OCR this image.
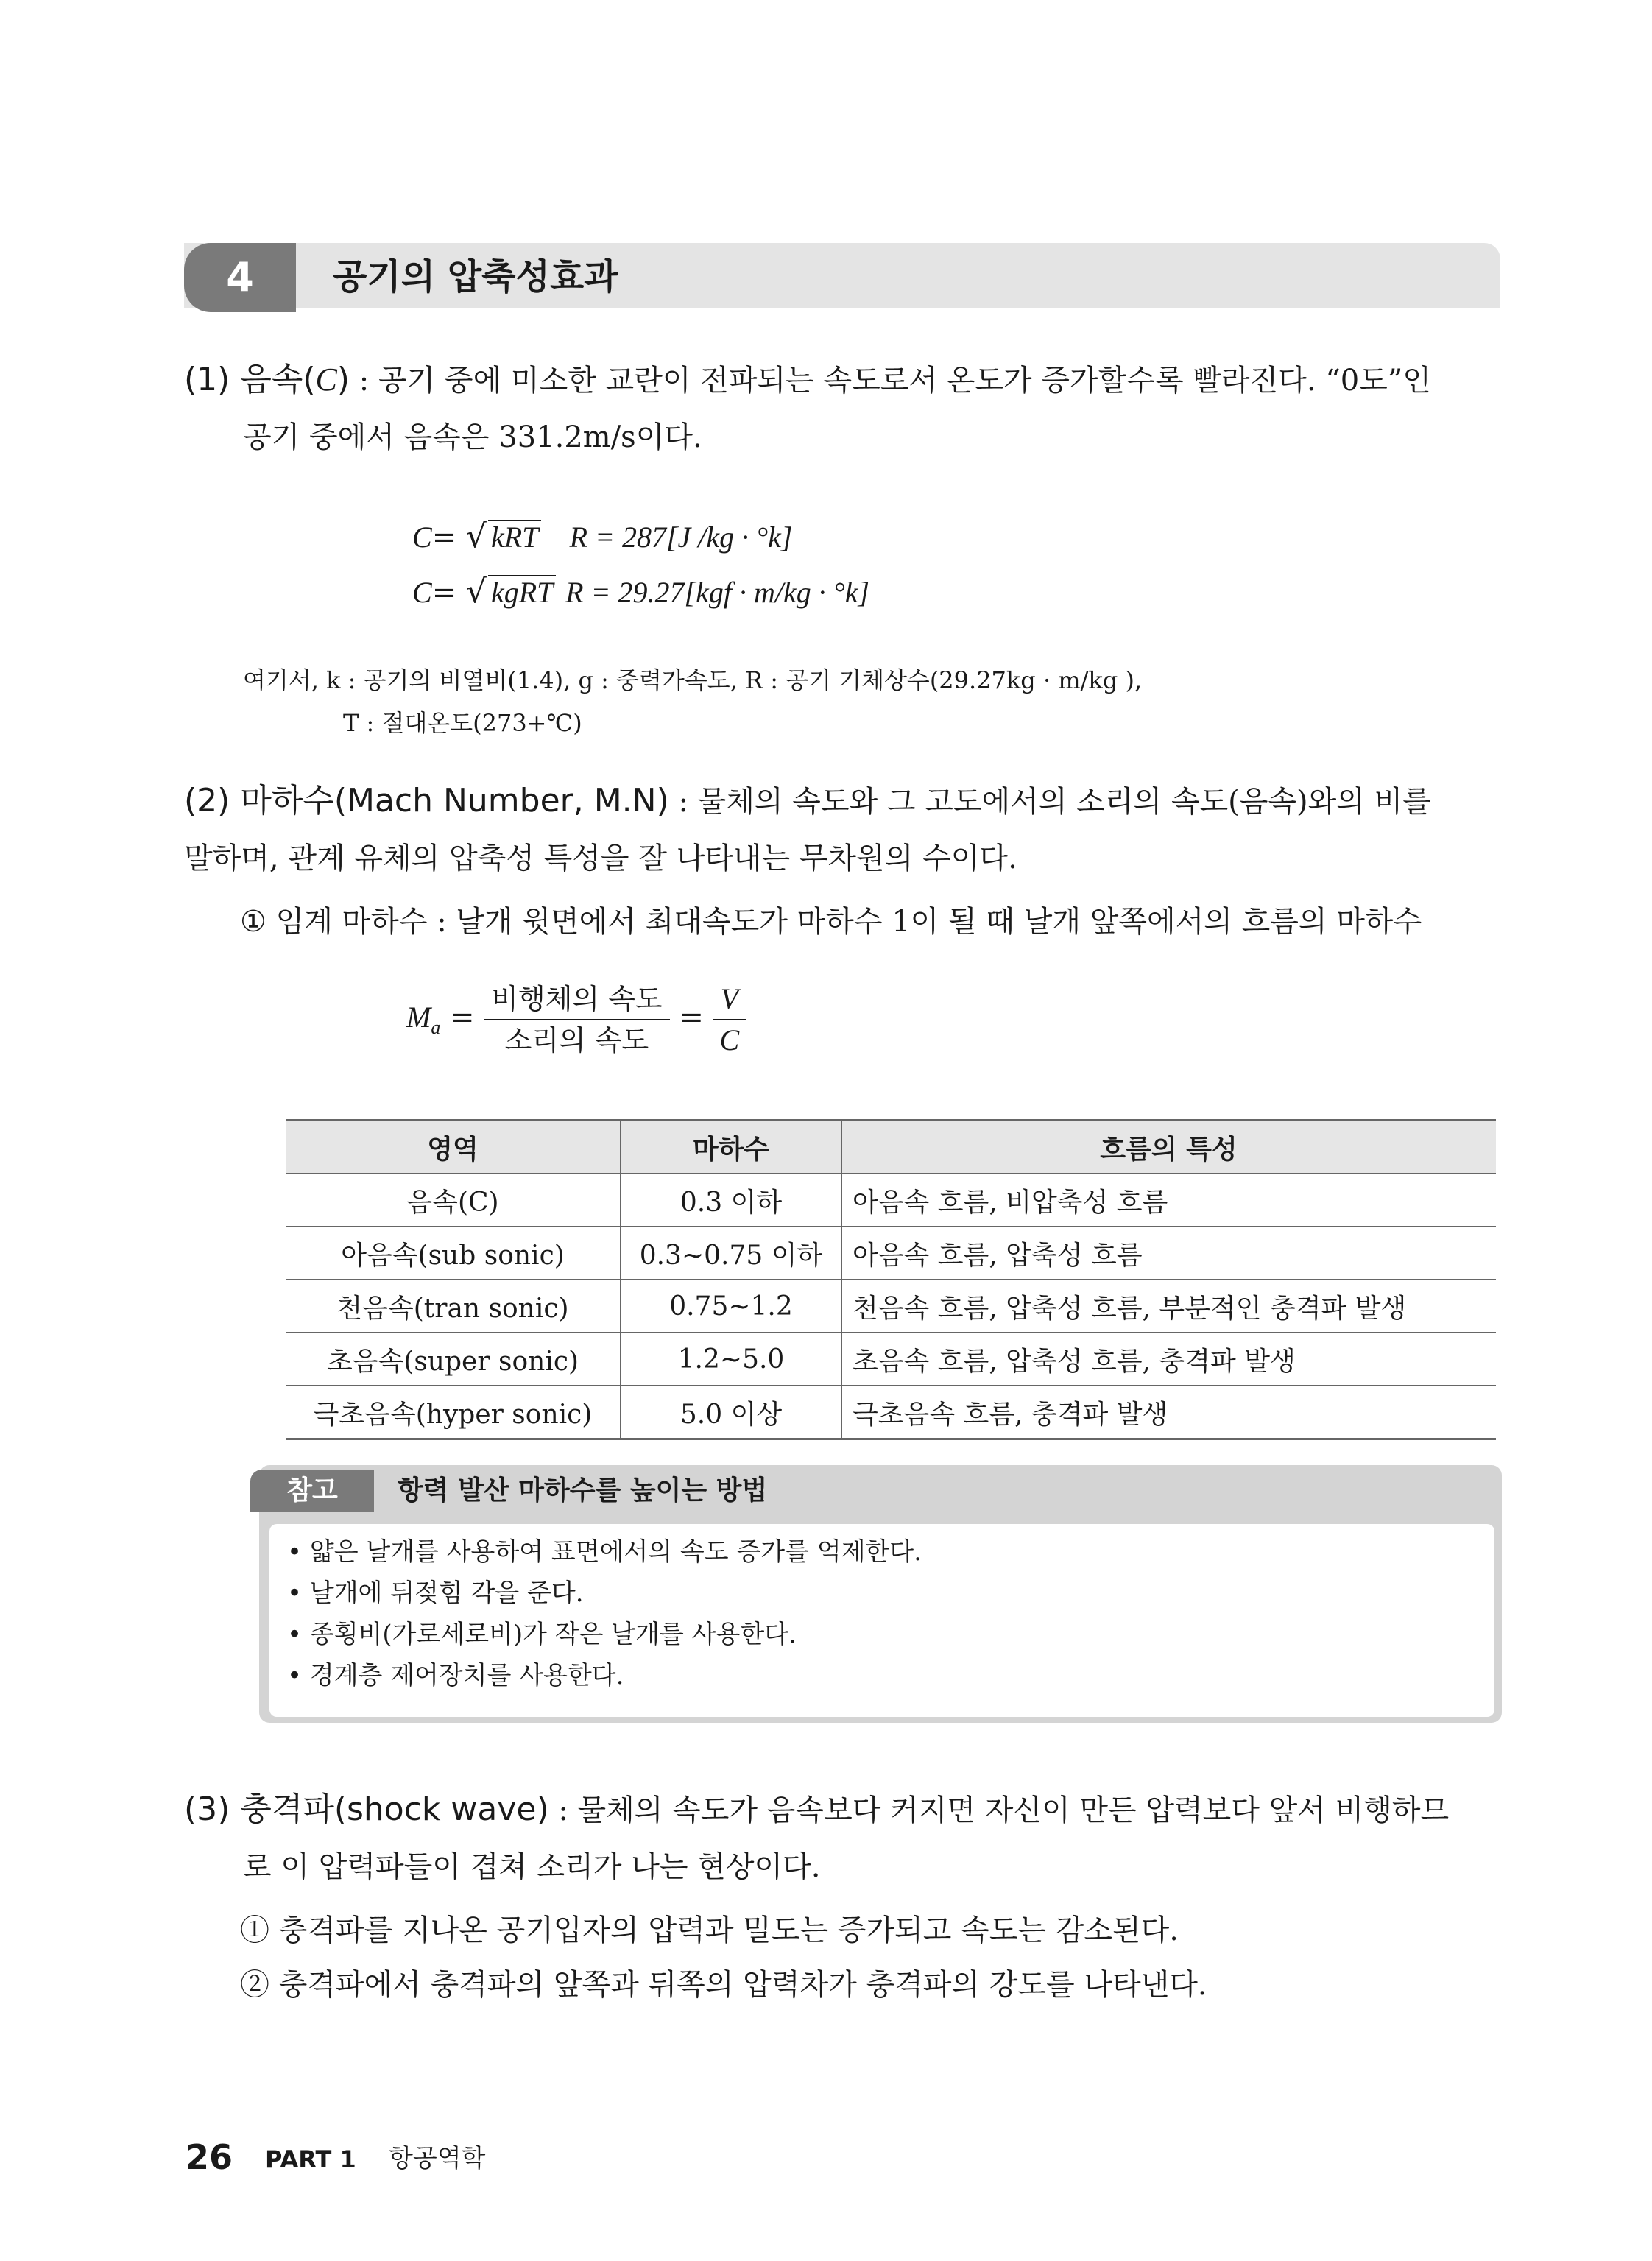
4	공기의 압축성효과
(1) 음속(C) : 공기 중에 미소한 교란이 전파되는 속도로서 온도가 증가할수록 빨라진다. “0도”인
공기 중에서 음속은 331.2m/s이다.
C= √ kRT R = 287[J /kg · °k]
C= √ kgRT R = 29.27[kgf · m/kg · °k]
여기서, k : 공기의 비열비(1.4), g : 중력가속도, R : 공기 기체상수(29.27kg · m/kg ),
T : 절대온도(273+℃)
(2) 마하수(Mach Number, M.N) : 물체의 속도와 그 고도에서의 소리의 속도(음속)와의 비를
말하며, 관계 유체의 압축성 특성을 잘 나타내는 무차원의 수이다.
① 임계 마하수 : 날개 윗면에서 최대속도가 마하수 1이 될 때 날개 앞쪽에서의 흐름의 마하수
$M_a = \frac{\text{비행체의 속도}}{\text{소리의 속도}} = \frac{V}{C}$
영역	마하수	흐름의 특성
음속(C)	0.3 이하	아음속 흐름, 비압축성 흐름
아음속(sub sonic)	0.3~0.75 이하	아음속 흐름, 압축성 흐름
천음속(tran sonic)	0.75~1.2	천음속 흐름, 압축성 흐름, 부분적인 충격파 발생
초음속(super sonic)	1.2~5.0	초음속 흐름, 압축성 흐름, 충격파 발생
극초음속(hyper sonic)	5.0 이상	극초음속 흐름, 충격파 발생
참고	항력 발산 마하수를 높이는 방법
• 얇은 날개를 사용하여 표면에서의 속도 증가를 억제한다.
• 날개에 뒤젖힘 각을 준다.
• 종횡비(가로세로비)가 작은 날개를 사용한다.
• 경계층 제어장치를 사용한다.
(3) 충격파(shock wave) : 물체의 속도가 음속보다 커지면 자신이 만든 압력보다 앞서 비행하므
로 이 압력파들이 겹쳐 소리가 나는 현상이다.
① 충격파를 지나온 공기입자의 압력과 밀도는 증가되고 속도는 감소된다.
② 충격파에서 충격파의 앞쪽과 뒤쪽의 압력차가 충격파의 강도를 나타낸다.
26 PART 1 항공역학
